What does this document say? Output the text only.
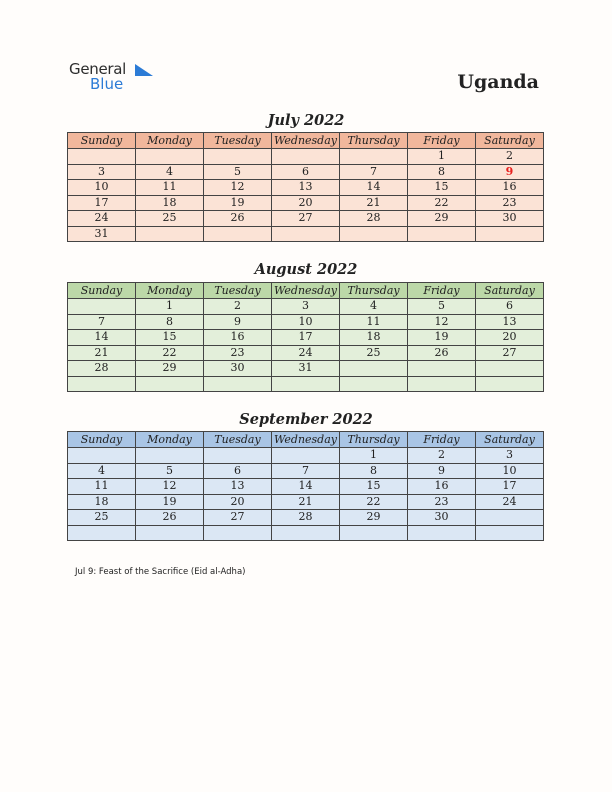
General
Blue	Uganda
July 2022
Sunday	Monday	Tuesday	Wednesday	Thursday	Friday	Saturday
					1	2
3	4	5	6	7	8	9
10	11	12	13	14	15	16
17	18	19	20	21	22	23
24	25	26	27	28	29	30
31						
August 2022
Sunday	Monday	Tuesday	Wednesday	Thursday	Friday	Saturday
	1	2	3	4	5	6
7	8	9	10	11	12	13
14	15	16	17	18	19	20
21	22	23	24	25	26	27
28	29	30	31			

September 2022
Sunday	Monday	Tuesday	Wednesday	Thursday	Friday	Saturday
				1	2	3
4	5	6	7	8	9	10
11	12	13	14	15	16	17
18	19	20	21	22	23	24
25	26	27	28	29	30	

Jul 9: Feast of the Sacrifice (Eid al-Adha)
